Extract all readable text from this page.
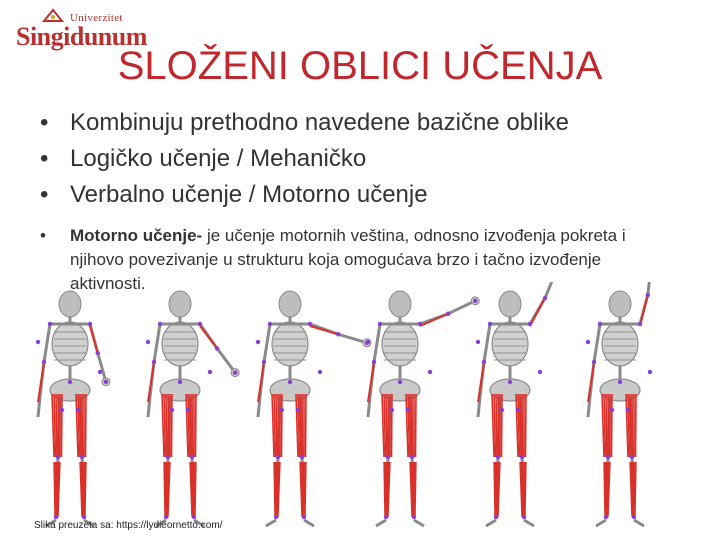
Univerzitet
Singidunum
SLOŽENI OBLICI UČENJA
• Kombinuju prethodno navedene bazične oblike
• Logičko učenje / Mehaničko
• Verbalno učenje / Motorno učenje
•	Motorno učenje- je učenje motornih veština, odnosno izvođenja pokreta i njihovo povezivanje u strukturu koja omogućava brzo i tačno izvođenje aktivnosti.
Slika preuzeta sa: https://lydieornetto.com/
